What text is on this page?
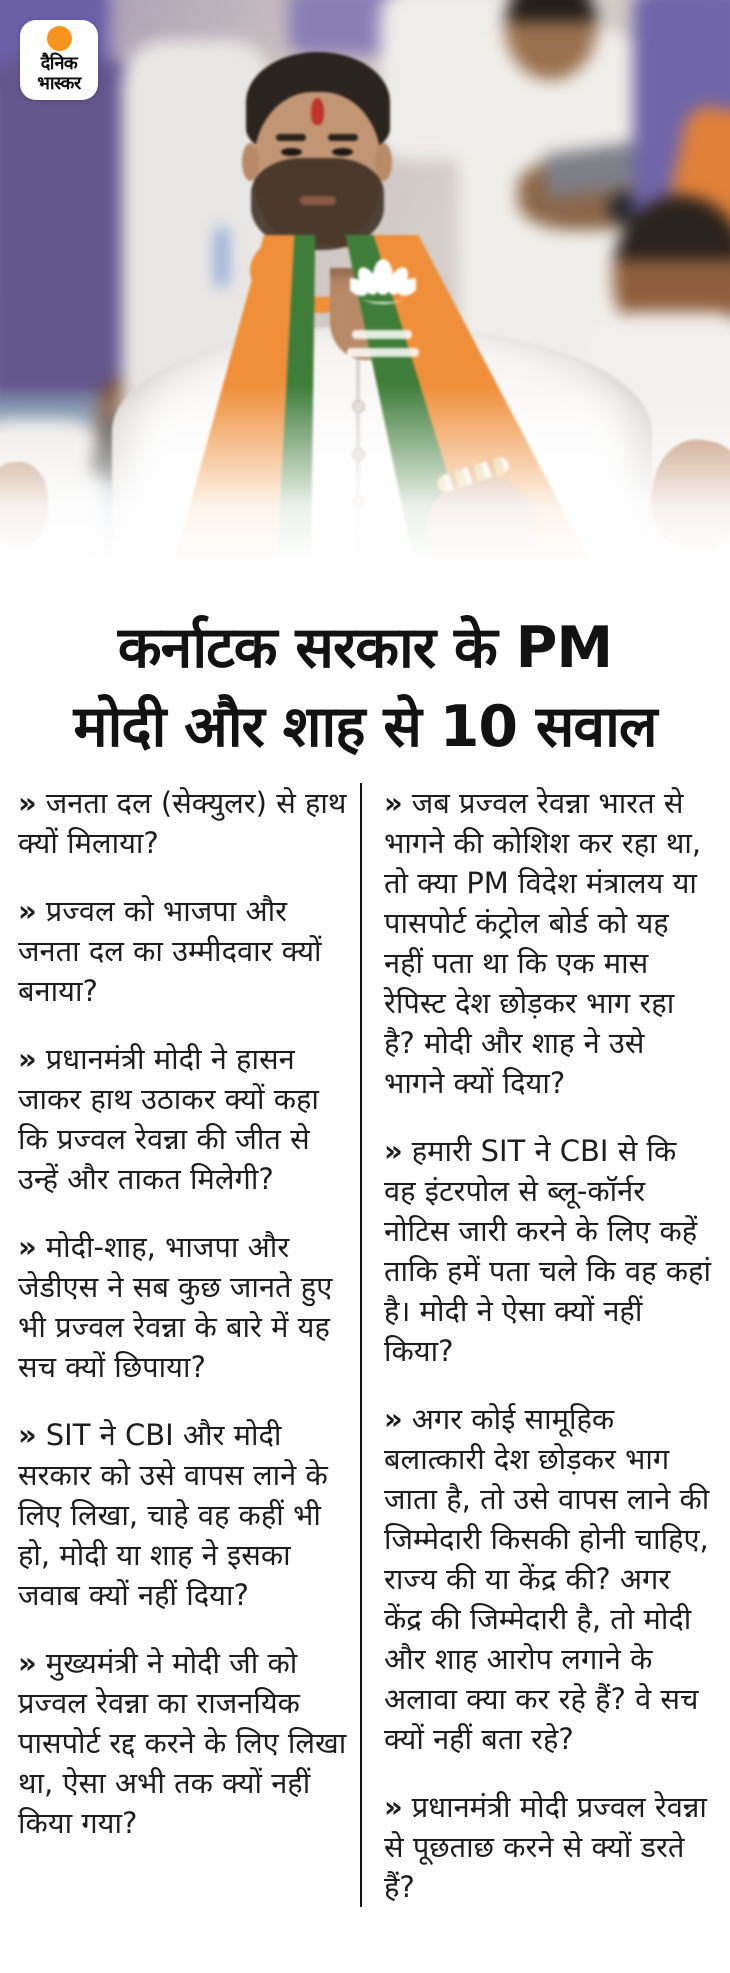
दैनिक
भास्कर
कर्नाटक सरकार के PM
मोदी और शाह से 10 सवाल

» जनता दल (सेक्युलर) से हाथ क्यों मिलाया?

» प्रज्वल को भाजपा और जनता दल का उम्मीदवार क्यों बनाया?

» प्रधानमंत्री मोदी ने हासन जाकर हाथ उठाकर क्यों कहा कि प्रज्वल रेवन्ना की जीत से उन्हें और ताकत मिलेगी?

» मोदी-शाह, भाजपा और जेडीएस ने सब कुछ जानते हुए भी प्रज्वल रेवन्ना के बारे में यह सच क्यों छिपाया?

» SIT ने CBI और मोदी सरकार को उसे वापस लाने के लिए लिखा, चाहे वह कहीं भी हो, मोदी या शाह ने इसका जवाब क्यों नहीं दिया?

» मुख्यमंत्री ने मोदी जी को प्रज्वल रेवन्ना का राजनयिक पासपोर्ट रद्द करने के लिए लिखा था, ऐसा अभी तक क्यों नहीं किया गया?

» जब प्रज्वल रेवन्ना भारत से भागने की कोशिश कर रहा था, तो क्या PM विदेश मंत्रालय या पासपोर्ट कंट्रोल बोर्ड को यह नहीं पता था कि एक मास रेपिस्ट देश छोड़कर भाग रहा है? मोदी और शाह ने उसे भागने क्यों दिया?

» हमारी SIT ने CBI से कि वह इंटरपोल से ब्लू-कॉर्नर नोटिस जारी करने के लिए कहें ताकि हमें पता चले कि वह कहां है। मोदी ने ऐसा क्यों नहीं किया?

» अगर कोई सामूहिक बलात्कारी देश छोड़कर भाग जाता है, तो उसे वापस लाने की जिम्मेदारी किसकी होनी चाहिए, राज्य की या केंद्र की? अगर केंद्र की जिम्मेदारी है, तो मोदी और शाह आरोप लगाने के अलावा क्या कर रहे हैं? वे सच क्यों नहीं बता रहे?

» प्रधानमंत्री मोदी प्रज्वल रेवन्ना से पूछताछ करने से क्यों डरते हैं?
